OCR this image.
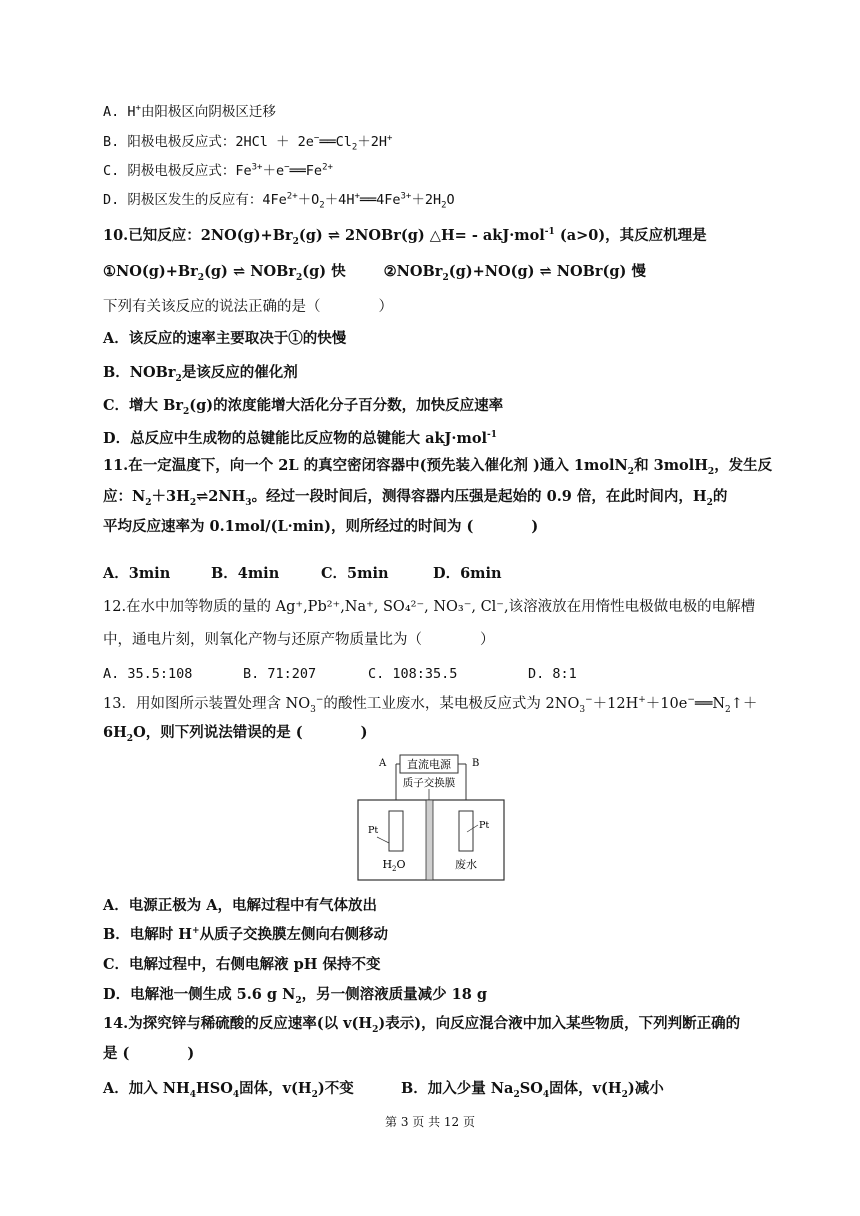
A. H+由阳极区向阴极区迁移
B. 阳极电极反应式：$2HCl + 2e^-══Cl_2+2H^+$
C. 阴极电极反应式：$Fe^{3+}+e^-══Fe^{2+}$
D. 阴极区发生的反应有：$4Fe^{2+}+O_2+4H^+══4Fe^{3+}+2H_2O$
10.已知反应：$2NO(g)+Br_2(g)$ ⇌ 2NOBr(g) △H= - akJ·mol$^{-1}$ (a>0)，其反应机理是
$①NO(g)+Br_2(g)$ ⇌ NOBr$_2$(g) 快	②NOBr$_2$(g)+NO(g) ⇌ NOBr(g) 慢
下列有关该反应的说法正确的是（　　　　）
A．该反应的速率主要取决于①的快慢
B．NOBr$_2$是该反应的催化剂
C．增大 $Br_2(g)$的浓度能增大活化分子百分数，加快反应速率
D．总反应中生成物的总键能比反应物的总键能大 akJ·mol$^{-1}$
11.在一定温度下，向一个 2L 的真空密闭容器中(预先装入催化剂 )通入 1molN$_2$和 3molH$_2$，发生反
应：$N_2+3H_2\rightleftharpoons 2NH_3$。经过一段时间后，测得容器内压强是起始的 0.9 倍，在此时间内，$H_2$的
平均反应速率为 0.1mol/(L·min)，则所经过的时间为 (　　　　)
A．3min	B．4min	C．5min	D．6min
12.在水中加等物质的量的 Ag⁺,Pb²⁺,Na⁺, SO₄²⁻, NO₃⁻, Cl⁻,该溶液放在用惰性电极做电极的电解槽
中，通电片刻，则氧化产物与还原产物质量比为（　　　　）
A. 35.5:108	B. 71:207	C. 108:35.5	D. 8:1
13．用如图所示装置处理含 $NO_3^-$的酸性工业废水，某电极反应式为 $2NO_3^-+12H^++10e^-══N_2↑+$
$6H_2O$，则下列说法错误的是 (　　　　)
直流电源
A	B
质子交换膜
Pt	Pt
$H_2O$	废水
A．电源正极为 A，电解过程中有气体放出
B．电解时 H+从质子交换膜左侧向右侧移动
C．电解过程中，右侧电解液 pH 保持不变
D．电解池一侧生成 5.6 g $N_2$，另一侧溶液质量减少 18 g
14.为探究锌与稀硫酸的反应速率(以 $v(H_2)$表示)，向反应混合液中加入某些物质，下列判断正确的
是 (　　　　)
A．加入 $NH_4HSO_4$固体，$v(H_2)$不变	B．加入少量 $Na_2SO_4$固体，$v(H_2)$减小
第 3 页 共 12 页
